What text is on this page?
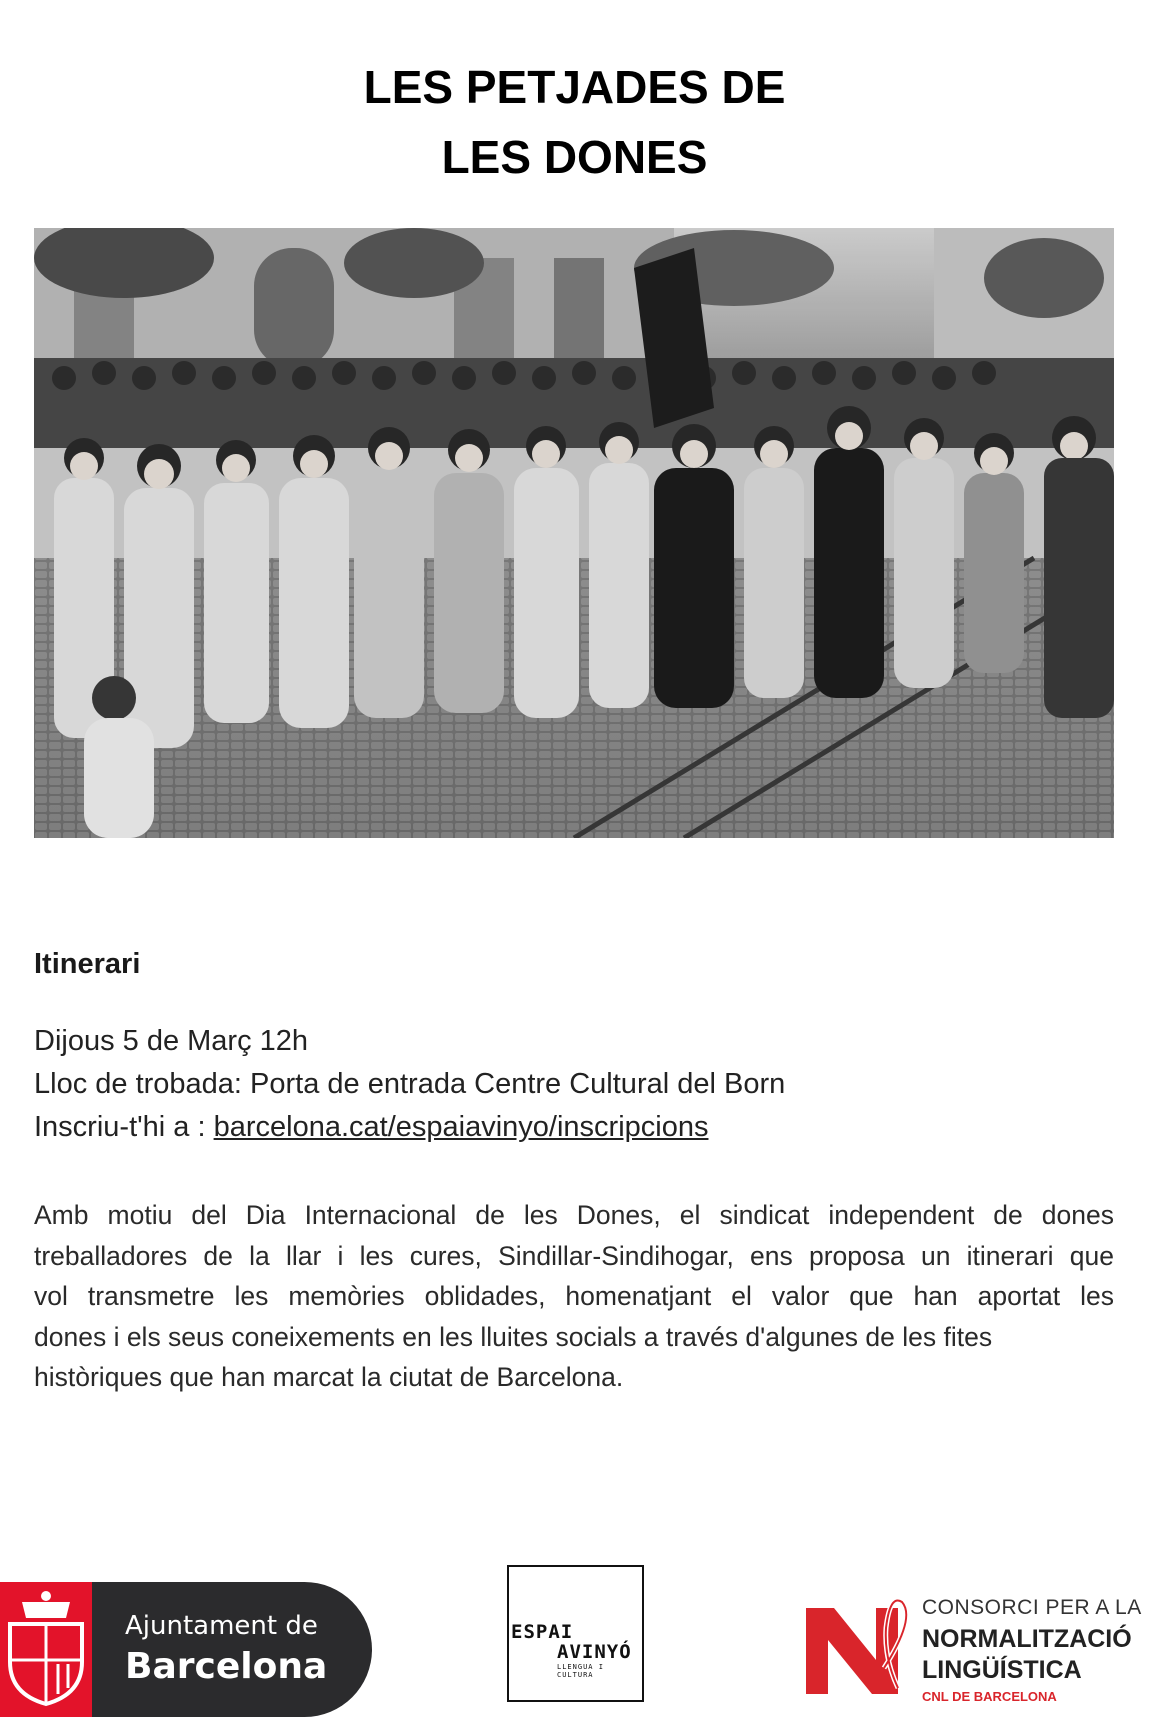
LES PETJADES DE
LES DONES
Itinerari
Dijous 5 de Març 12h
Lloc de trobada: Porta de entrada Centre Cultural del Born
Inscriu-t'hi a : barcelona.cat/espaiavinyo/inscripcions
Amb motiu del Dia Internacional de les Dones, el sindicat independent de dones
treballadores de la llar i les cures, Sindillar-Sindihogar, ens proposa un itinerari que
vol transmetre les memòries oblidades, homenatjant el valor que han aportat les
dones i els seus coneixements en les lluites socials a través d'algunes de les fites
històriques que han marcat la ciutat de Barcelona.
Ajuntament de
Barcelona
ESPAI
AVINYÓ
LLENGUA I CULTURA
CONSORCI PER A LA
NORMALITZACIÓ
LINGÜÍSTICA
CNL DE BARCELONA
